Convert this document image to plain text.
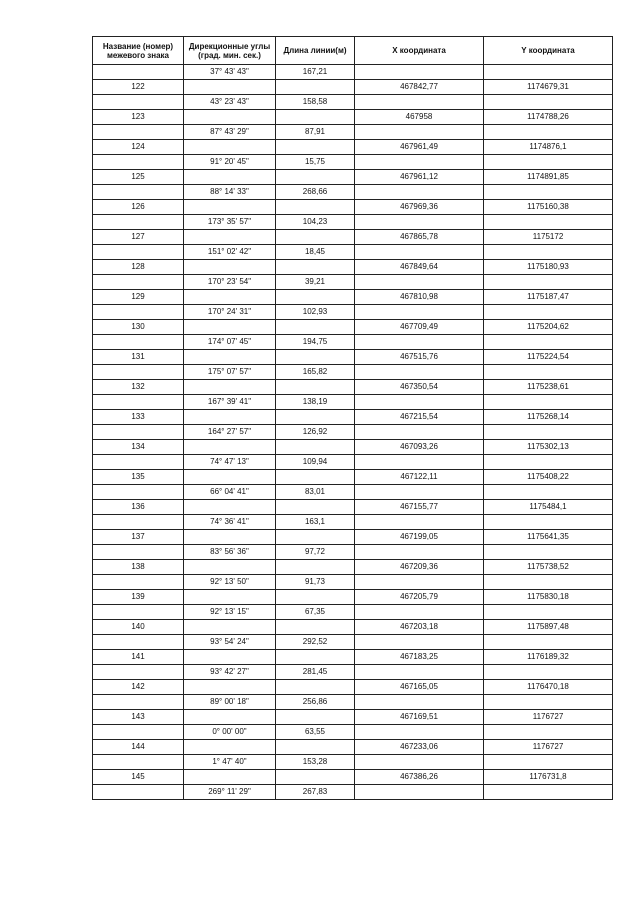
Название (номер) межевого знака	Дирекционные углы (град. мин. сек.)	Длина линии(м)	X координата	Y координата
	37° 43' 43"	167,21		
122			467842,77	1174679,31
	43° 23' 43"	158,58		
123			467958	1174788,26
	87° 43' 29"	87,91		
124			467961,49	1174876,1
	91° 20' 45"	15,75		
125			467961,12	1174891,85
	88° 14' 33"	268,66		
126			467969,36	1175160,38
	173° 35' 57"	104,23		
127			467865,78	1175172
	151° 02' 42"	18,45		
128			467849,64	1175180,93
	170° 23' 54"	39,21		
129			467810,98	1175187,47
	170° 24' 31"	102,93		
130			467709,49	1175204,62
	174° 07' 45"	194,75		
131			467515,76	1175224,54
	175° 07' 57"	165,82		
132			467350,54	1175238,61
	167° 39' 41"	138,19		
133			467215,54	1175268,14
	164° 27' 57"	126,92		
134			467093,26	1175302,13
	74° 47' 13"	109,94		
135			467122,11	1175408,22
	66° 04' 41"	83,01		
136			467155,77	1175484,1
	74° 36' 41"	163,1		
137			467199,05	1175641,35
	83° 56' 36"	97,72		
138			467209,36	1175738,52
	92° 13' 50"	91,73		
139			467205,79	1175830,18
	92° 13' 15"	67,35		
140			467203,18	1175897,48
	93° 54' 24"	292,52		
141			467183,25	1176189,32
	93° 42' 27"	281,45		
142			467165,05	1176470,18
	89° 00' 18"	256,86		
143			467169,51	1176727
	0° 00' 00"	63,55		
144			467233,06	1176727
	1° 47' 40"	153,28		
145			467386,26	1176731,8
	269° 11' 29"	267,83		
